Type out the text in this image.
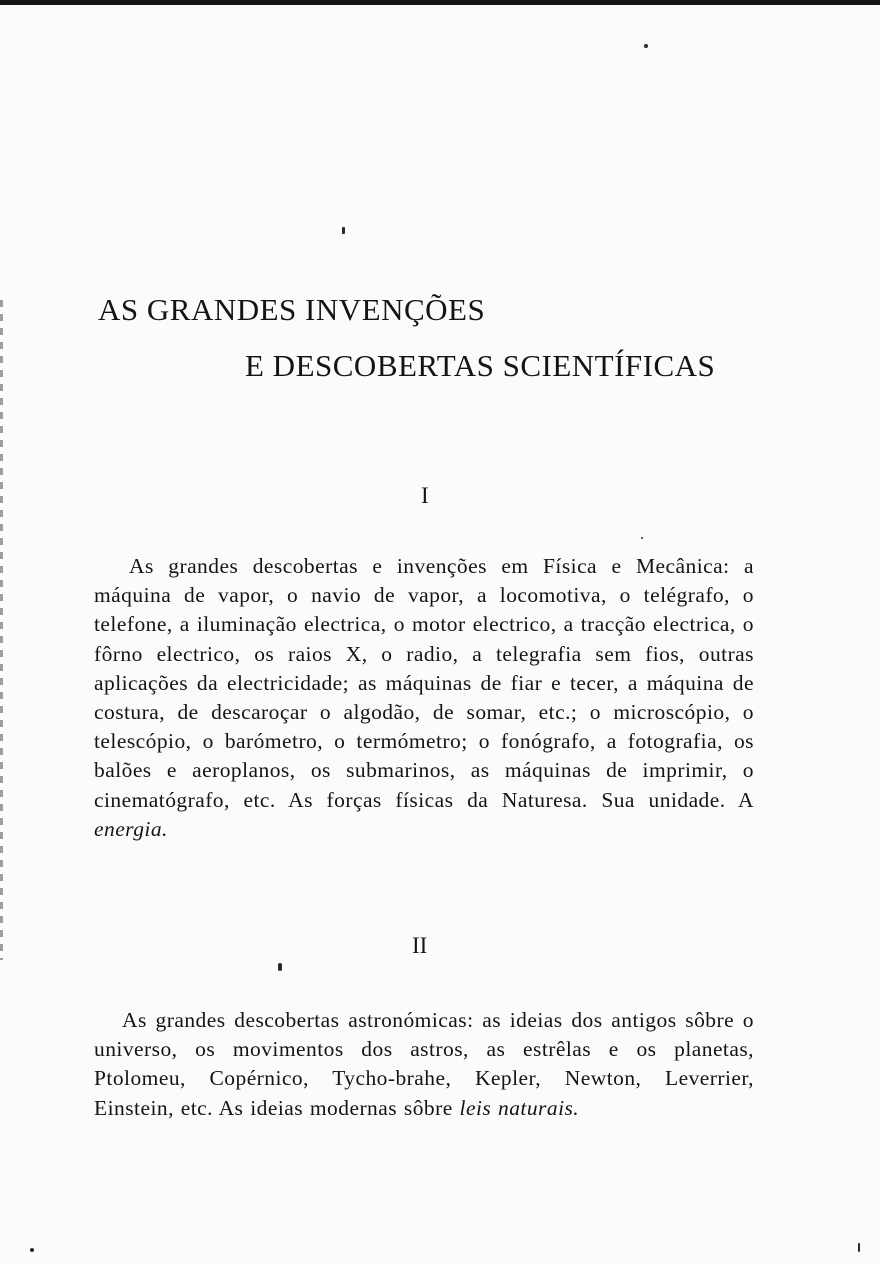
AS GRANDES INVENÇÕES
E DESCOBERTAS SCIENTÍFICAS
I

As grandes descobertas e invenções em Física e Mecânica: a máquina de vapor, o navio de vapor, a locomotiva, o telégrafo, o telefone, a iluminação electrica, o motor electrico, a tracção electrica, o fôrno electrico, os raios X, o radio, a telegrafia sem fios, outras aplicações da electricidade; as máquinas de fiar e tecer, a máquina de costura, de descaroçar o algodão, de somar, etc.; o microscópio, o telescópio, o barómetro, o termómetro; o fonógrafo, a fotografia, os balões e aeroplanos, os submarinos, as máquinas de imprimir, o cinematógrafo, etc. As forças físicas da Naturesa. Sua unidade. A energia.

II

As grandes descobertas astronómicas: as ideias dos antigos sôbre o universo, os movimentos dos astros, as estrêlas e os planetas, Ptolomeu, Copérnico, Tycho-brahe, Kepler, Newton, Leverrier, Einstein, etc. As ideias modernas sôbre leis naturais.
